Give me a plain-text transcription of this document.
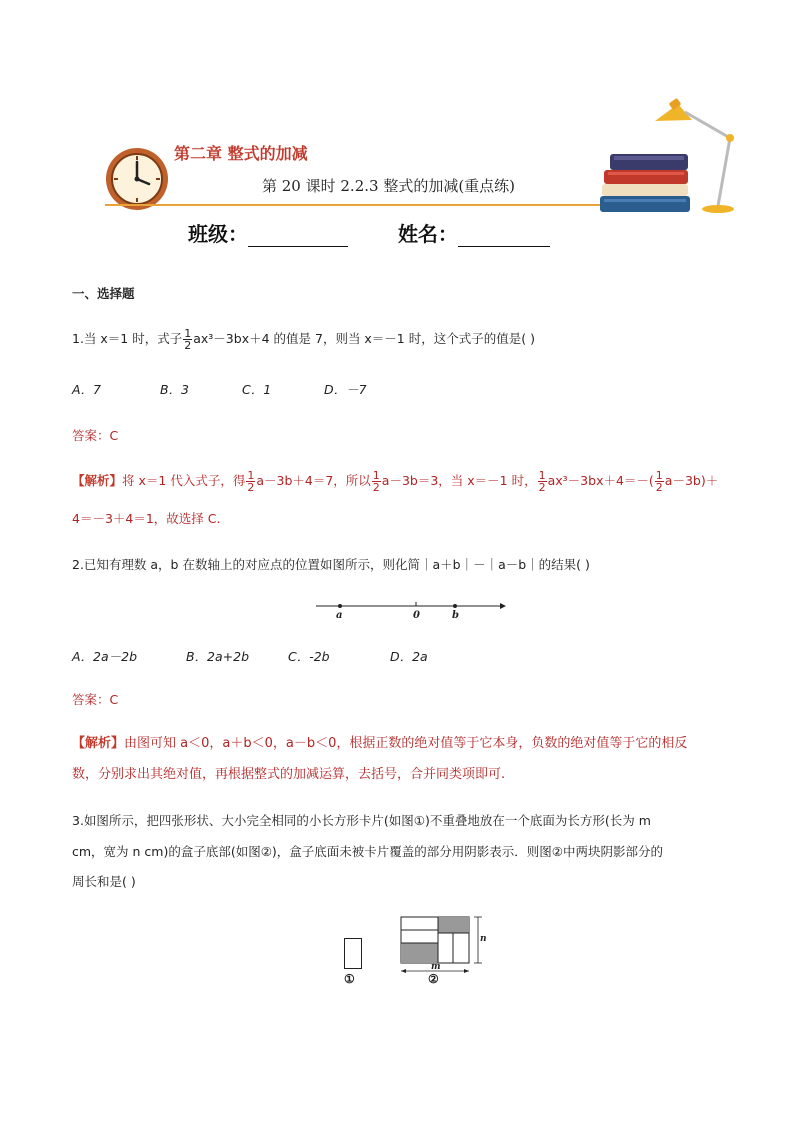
第二章 整式的加减
第 20 课时 2.2.3 整式的加减(重点练)
班级：	姓名：
一、选择题
1.当 x＝1 时，式子 $\frac{1}{2} ax^3-3bx+4$ 的值是 7，则当 x＝－1 时，这个式子的值是( )
A．7	B．3	C．1	D．－7
答案：C
【解析】将 x＝1 代入式子，得 $\frac{1}{2} a-3b+4=7$，所以 $\frac{1}{2} a-3b=3$，当 x＝－1 时， $\frac{1}{2} ax^3-3bx+4=-( \frac{1}{2} a-3b)+$
4＝－3＋4＝1，故选择 C.
2.已知有理数 a，b 在数轴上的对应点的位置如图所示，则化简｜a＋b｜－｜a－b｜的结果( )
a	0	b
A．2a－2b	B．2a+2b	C．-2b	D．2a
答案：C
【解析】由图可知 a＜0，a＋b＜0，a－b＜0，根据正数的绝对值等于它本身，负数的绝对值等于它的相反
数，分别求出其绝对值，再根据整式的加减运算，去括号，合并同类项即可.
3.如图所示，把四张形状、大小完全相同的小长方形卡片(如图①)不重叠地放在一个底面为长方形(长为 m
cm，宽为 n cm)的盒子底部(如图②)，盒子底面未被卡片覆盖的部分用阴影表示．则图②中两块阴影部分的
周长和是( )
①
n
m
②
